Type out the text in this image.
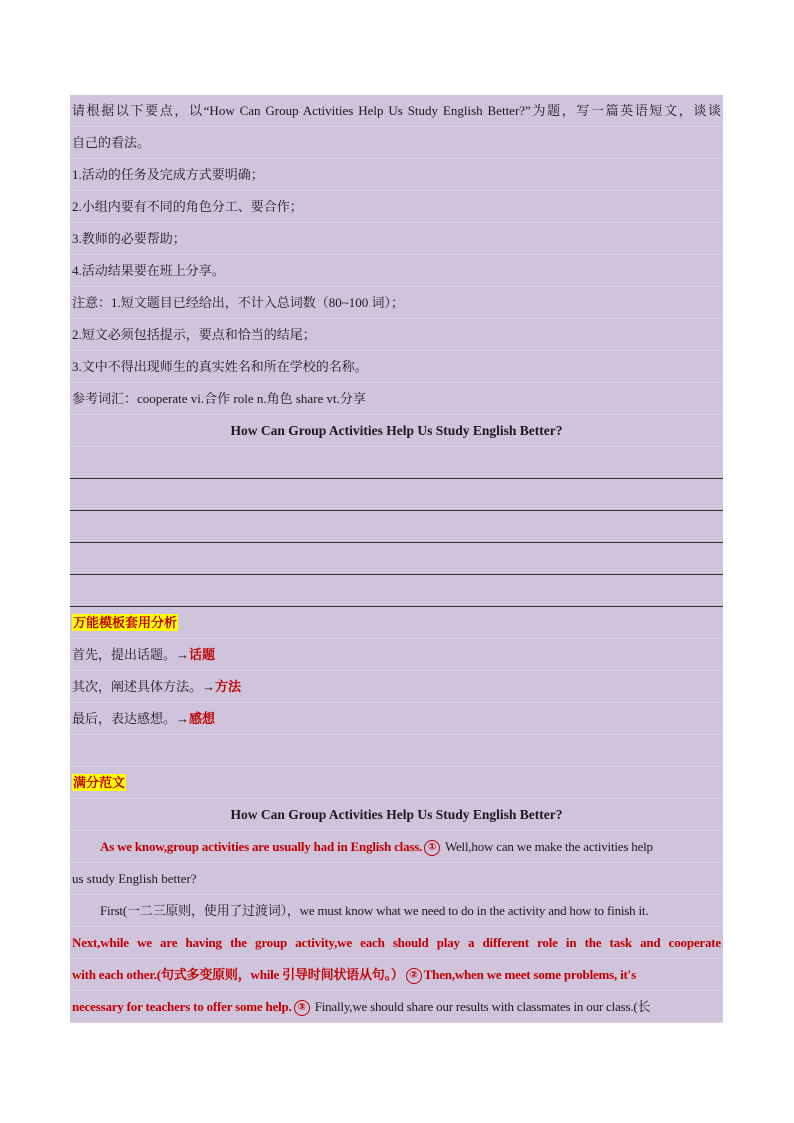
请根据以下要点，以“How Can Group Activities Help Us Study English Better?”为题，写一篇英语短文，谈谈
自己的看法。
1.活动的任务及完成方式要明确；
2.小组内要有不同的角色分工、要合作；
3.教师的必要帮助；
4.活动结果要在班上分享。
注意：1.短文题目已经给出，不计入总词数（80~100 词）；
2.短文必须包括提示，要点和恰当的结尾；
3.文中不得出现师生的真实姓名和所在学校的名称。
参考词汇：cooperate vi.合作 role n.角色 share vt.分享
How Can Group Activities Help Us Study English Better?
万能模板套用分析
首先，提出话题。→话题
其次，阐述具体方法。→方法
最后，表达感想。→感想
满分范文
How Can Group Activities Help Us Study English Better?
As we know,group activities are usually had in English class. ① Well,how can we make the activities help
us study English better?
First(一二三原则，使用了过渡词），we must know what we need to do in the activity and how to finish it.
Next,while we are having the group activity,we each should play a different role in the task and cooperate
with each other.(句式多变原则，while 引导时间状语从句。） ② Then,when we meet some problems, it's
necessary for teachers to offer some help. ③ Finally,we should share our results with classmates in our class.(长
